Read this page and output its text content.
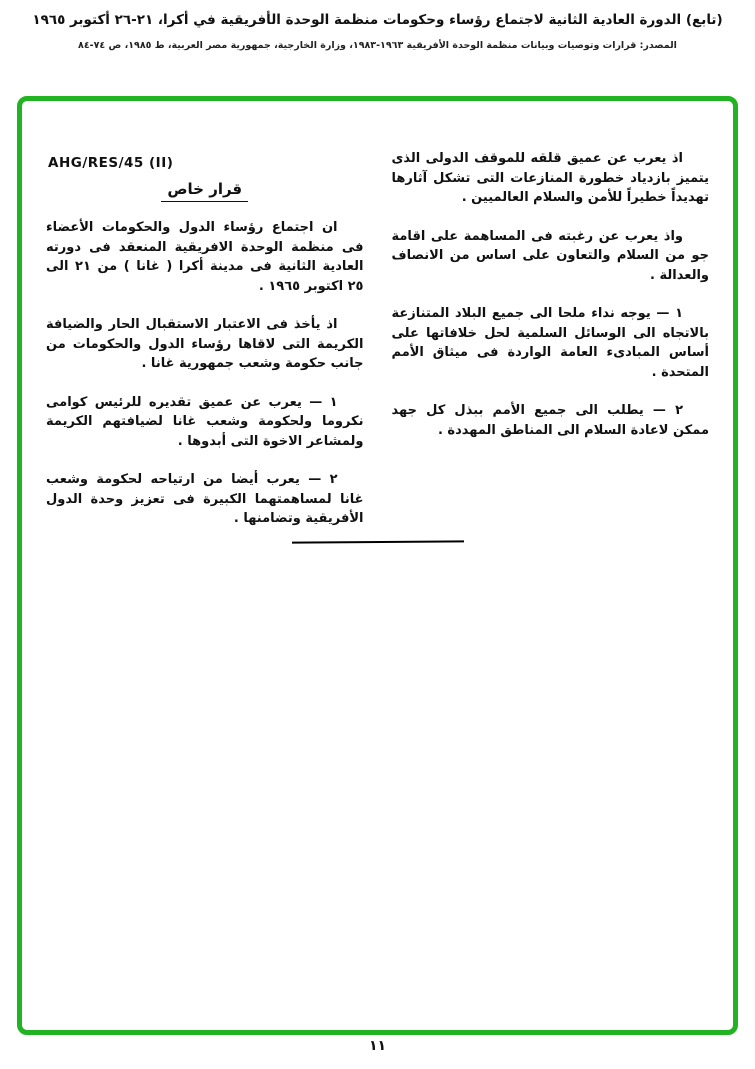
(تابع) الدورة العادية الثانية لاجتماع رؤساء وحكومات منظمة الوحدة الأفريقية في أكرا، ٢١-٢٦ أكتوبر ١٩٦٥
المصدر: قرارات وتوصيات وبيانات منظمة الوحدة الأفريقية ١٩٦٣-١٩٨٣، وزارة الخارجية، جمهورية مصر العربية، ط ١٩٨٥، ص ٧٤-٨٤

اذ يعرب عن عميق قلقه للموقف الدولى الذى يتميز بازدياد خطورة المنازعات التى تشكل آثارها تهديداً خطيراً للأمن والسلام العالميين .

واذ يعرب عن رغبته فى المساهمة على اقامة جو من السلام والتعاون على اساس من الانصاف والعدالة .

١ — يوجه نداء ملحا الى جميع البلاد المتنازعة بالاتجاه الى الوسائل السلمية لحل خلافاتها على أساس المبادىء العامة الواردة فى ميثاق الأمم المتحدة .

٢ — يطلب الى جميع الأمم ببذل كل جهد ممكن لاعادة السلام الى المناطق المهددة .

AHG/RES/45 (II)
قرار خاص

ان اجتماع رؤساء الدول والحكومات الأعضاء فى منظمة الوحدة الافريقية المنعقد فى دورته العادية الثانية فى مدينة أكرا ( غانا ) من ٢١ الى ٢٥ اكتوبر ١٩٦٥ .

اذ يأخذ فى الاعتبار الاستقبال الحار والضيافة الكريمة التى لاقاها رؤساء الدول والحكومات من جانب حكومة وشعب جمهورية غانا .

١ — يعرب عن عميق تقديره للرئيس كوامى نكروما ولحكومة وشعب غانا لضيافتهم الكريمة ولمشاعر الاخوة التى أبدوها .

٢ — يعرب أيضا من ارتياحه لحكومة وشعب غانا لمساهمتهما الكبيرة فى تعزيز وحدة الدول الأفريقية وتضامنها .

١١
